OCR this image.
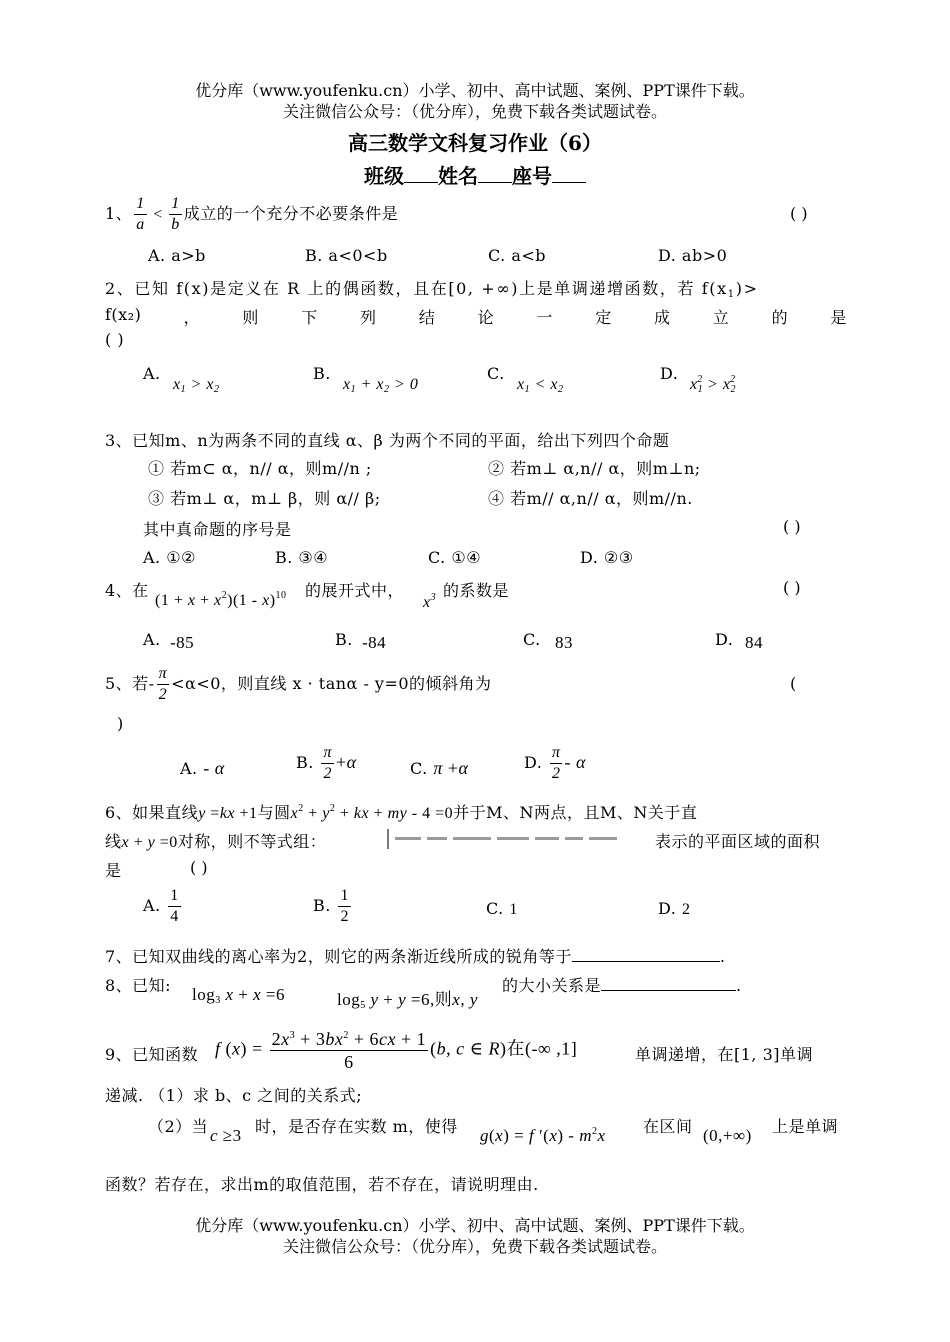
优分库（www.youfenku.cn）小学、初中、高中试题、案例、PPT课件下载。
关注微信公众号：（优分库），免费下载各类试题试卷。
高三数学文科复习作业（6）
班级 姓名 座号
1、 $\frac{1}{a} < \frac{1}{b}$ 成立的一个充分不必要条件是	( )
A. a>b	B. a<0<b	C. a<b	D. ab>0
2、已知 f(x)是定义在 R 上的偶函数，且在[0, +∞)上是单调递增函数，若 $f(x_1)>$
f(x₂)	，	则	下	列	结	论	一	定	成	立	的	是
( )
A.
$x_1 > x_2$
B.
$x_1 + x_2 > 0$
C.
$x_1 < x_2$
D.
$x_1^2 > x_2^2$
3、已知m、n为两条不同的直线 α、β 为两个不同的平面，给出下列四个命题
① 若m⊂ α，n// α，则m//n ;	② 若m⊥ α,n// α，则m⊥n;
③ 若m⊥ α，m⊥ β，则 α// β;	④ 若m// α,n// α，则m//n.
其中真命题的序号是	( )
A. ①②	B. ③④	C. ①④	D. ②③
4、在
$(1 + x + x^2)(1 - x)^{10}$ 的展开式中，
$x^3$ 的系数是	( )
A. -85	B. -84	C. 83	D. 84
5、若- $\frac{\pi}{2} <\alpha<0$，则直线 x · tanα - y=0的倾斜角为	(
)
A. - α	B. $\frac{\pi}{2} +\alpha$	C. π +α	D. $\frac{\pi}{2}$ - α
6、如果直线y =kx +1与圆$x^2 + y^2$ + kx + my - 4 =0并于M、N两点，且M、N关于直
线x + y =0对称，则不等式组：	表示的平面区域的面积
是	( )
A. $\frac{1}{4}$	B. $\frac{1}{2}$	C. 1	D. 2
7、已知双曲线的离心率为2，则它的两条渐近线所成的锐角等于	.
8、已知: $\log_3 x + x =6$	$\log_5 y + y =6$,则x, y
的大小关系是	.
9、已知函数 f $(x) = \frac{2x^3 + 3bx^2 + 6cx + 1}{6} (b$, c ∈ R)在(-∞ ,1]	单调递增，在[1, 3]单调
递减. （1）求 b、c 之间的关系式;
（2）当 c ≥3 时，是否存在实数 m，使得 g(x) = f $'(x) - m^2x$ 在区间 (0,+∞) 上是单调
函数？若存在，求出m的取值范围，若不存在，请说明理由.
优分库（www.youfenku.cn）小学、初中、高中试题、案例、PPT课件下载。
关注微信公众号：（优分库），免费下载各类试题试卷。
